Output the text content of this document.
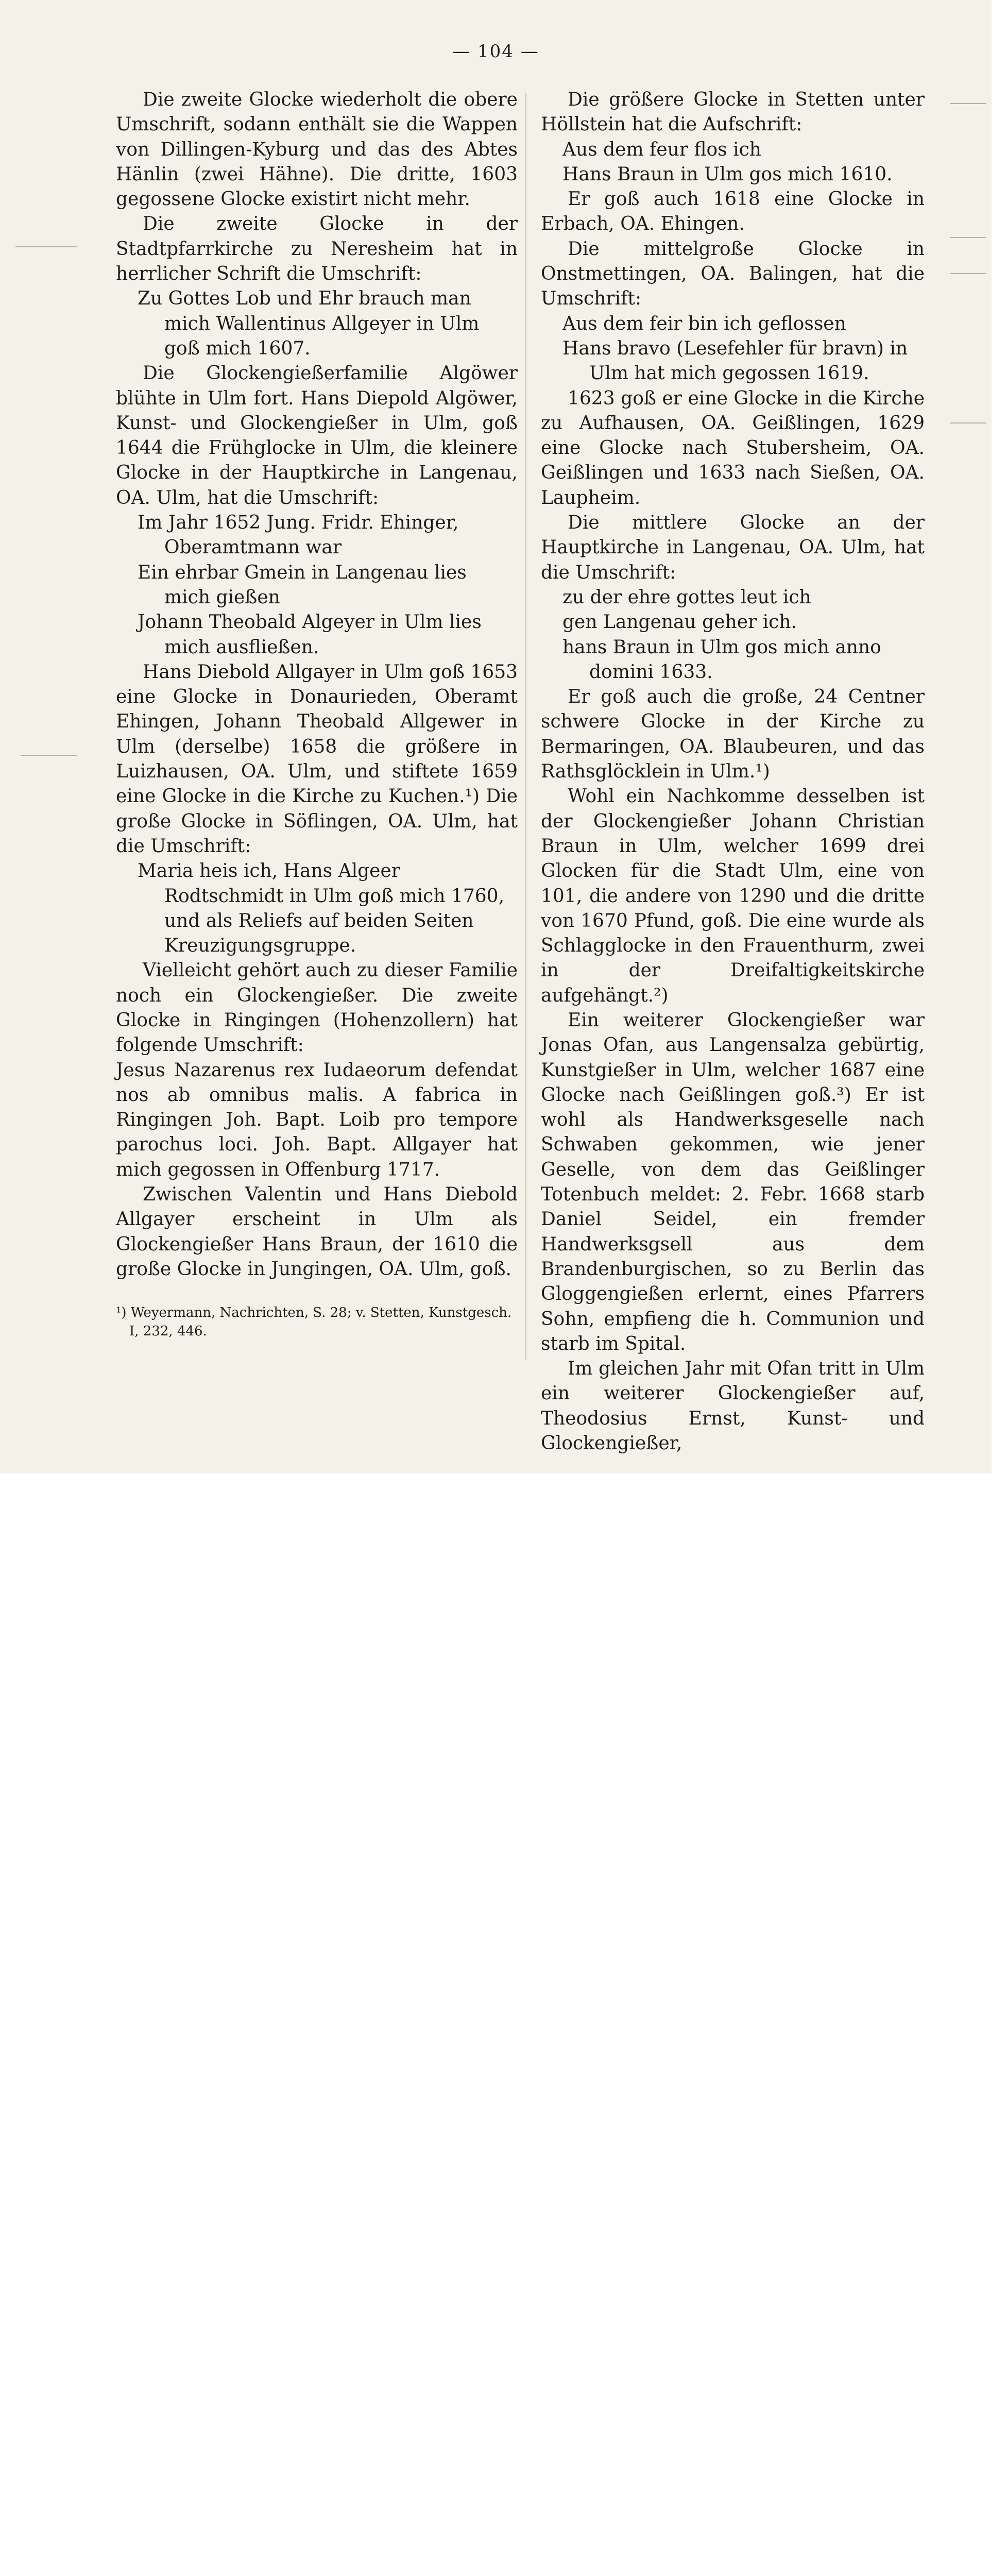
— 104 —

Die zweite Glocke wiederholt die obere Umschrift, sodann enthält sie die Wappen von Dillingen-Kyburg und das des Abtes Hänlin (zwei Hähne). Die dritte, 1603 gegossene Glocke existirt nicht mehr.

Die zweite Glocke in der Stadtpfarrkirche zu Neresheim hat in herrlicher Schrift die Umschrift:

Zu Gottes Lob und Ehr brauch man mich Wallentinus Allgeyer in Ulm goß mich 1607.

Die Glockengießerfamilie Algöwer blühte in Ulm fort. Hans Diepold Algöwer, Kunst- und Glockengießer in Ulm, goß 1644 die Frühglocke in Ulm, die kleinere Glocke in der Hauptkirche in Langenau, OA. Ulm, hat die Umschrift:

Im Jahr 1652 Jung. Fridr. Ehinger, Oberamtmann war

Ein ehrbar Gmein in Langenau lies mich gießen

Johann Theobald Algeyer in Ulm lies mich ausfließen.

Hans Diebold Allgayer in Ulm goß 1653 eine Glocke in Donaurieden, Oberamt Ehingen, Johann Theobald Allgewer in Ulm (derselbe) 1658 die größere in Luizhausen, OA. Ulm, und stiftete 1659 eine Glocke in die Kirche zu Kuchen.¹) Die große Glocke in Söflingen, OA. Ulm, hat die Umschrift:

Maria heis ich, Hans Algeer Rodtschmidt in Ulm goß mich 1760, und als Reliefs auf beiden Seiten Kreuzigungsgruppe.

Vielleicht gehört auch zu dieser Familie noch ein Glockengießer. Die zweite Glocke in Ringingen (Hohenzollern) hat folgende Umschrift:

Jesus Nazarenus rex Iudaeorum defendat nos ab omnibus malis. A fabrica in Ringingen Joh. Bapt. Loib pro tempore parochus loci. Joh. Bapt. Allgayer hat mich gegossen in Offenburg 1717.

Zwischen Valentin und Hans Diebold Allgayer erscheint in Ulm als Glockengießer Hans Braun, der 1610 die große Glocke in Jungingen, OA. Ulm, goß.

¹) Weyermann, Nachrichten, S. 28; v. Stetten, Kunstgesch. I, 232, 446.

Die größere Glocke in Stetten unter Höllstein hat die Aufschrift:

Aus dem feur flos ich

Hans Braun in Ulm gos mich 1610.

Er goß auch 1618 eine Glocke in Erbach, OA. Ehingen.

Die mittelgroße Glocke in Onstmettingen, OA. Balingen, hat die Umschrift:

Aus dem feir bin ich geflossen

Hans bravo (Lesefehler für bravn) in Ulm hat mich gegossen 1619.

1623 goß er eine Glocke in die Kirche zu Aufhausen, OA. Geißlingen, 1629 eine Glocke nach Stubersheim, OA. Geißlingen und 1633 nach Sießen, OA. Laupheim.

Die mittlere Glocke an der Hauptkirche in Langenau, OA. Ulm, hat die Umschrift:

zu der ehre gottes leut ich

gen Langenau geher ich.

hans Braun in Ulm gos mich anno domini 1633.

Er goß auch die große, 24 Centner schwere Glocke in der Kirche zu Bermaringen, OA. Blaubeuren, und das Rathsglöcklein in Ulm.¹)

Wohl ein Nachkomme desselben ist der Glockengießer Johann Christian Braun in Ulm, welcher 1699 drei Glocken für die Stadt Ulm, eine von 101, die andere von 1290 und die dritte von 1670 Pfund, goß. Die eine wurde als Schlagglocke in den Frauenthurm, zwei in der Dreifaltigkeitskirche aufgehängt.²)

Ein weiterer Glockengießer war Jonas Ofan, aus Langensalza gebürtig, Kunstgießer in Ulm, welcher 1687 eine Glocke nach Geißlingen goß.³) Er ist wohl als Handwerksgeselle nach Schwaben gekommen, wie jener Geselle, von dem das Geißlinger Totenbuch meldet: 2. Febr. 1668 starb Daniel Seidel, ein fremder Handwerksgsell aus dem Brandenburgischen, so zu Berlin das Gloggengießen erlernt, eines Pfarrers Sohn, empfieng die h. Communion und starb im Spital.

Im gleichen Jahr mit Ofan tritt in Ulm ein weiterer Glockengießer auf, Theodosius Ernst, Kunst- und Glockengießer,
